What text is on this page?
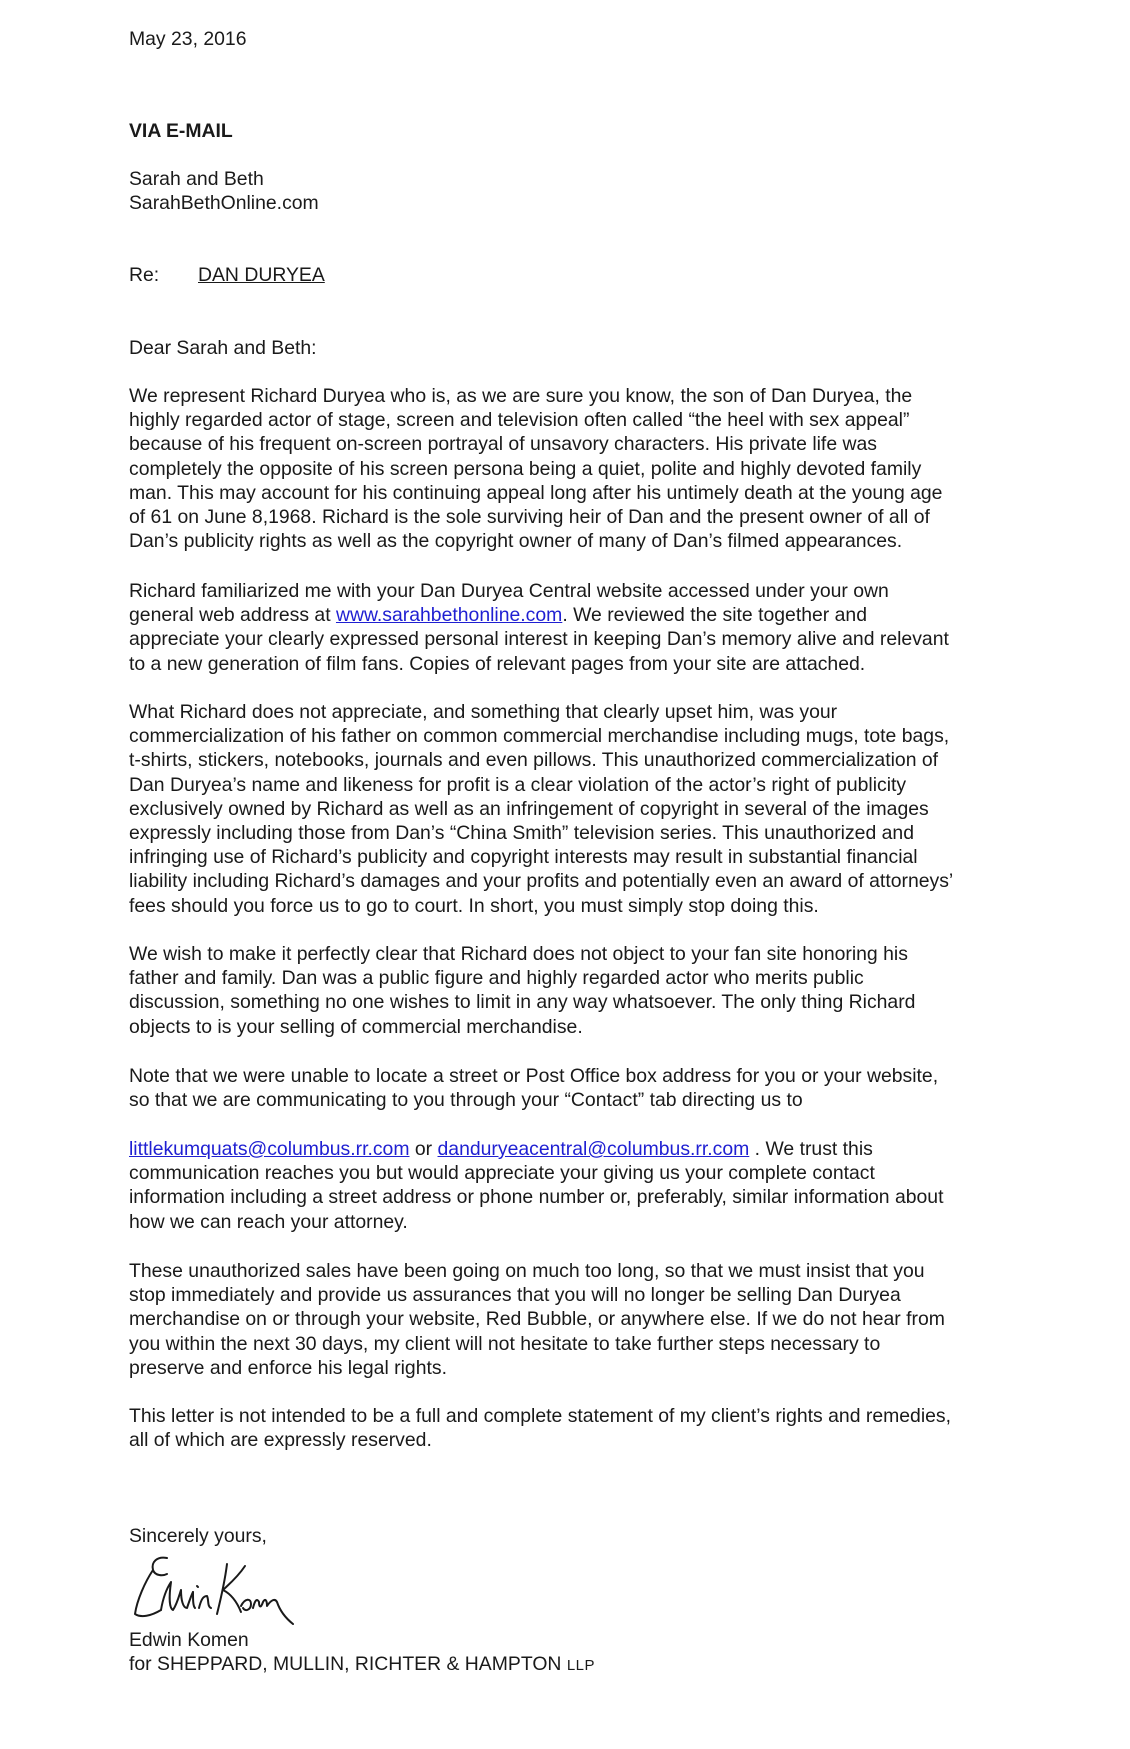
May 23, 2016
VIA E-MAIL
Sarah and Beth
SarahBethOnline.com
Re: DAN DURYEA
Dear Sarah and Beth:
We represent Richard Duryea who is, as we are sure you know, the son of Dan Duryea, the
highly regarded actor of stage, screen and television often called “the heel with sex appeal”
because of his frequent on-screen portrayal of unsavory characters. His private life was
completely the opposite of his screen persona being a quiet, polite and highly devoted family
man. This may account for his continuing appeal long after his untimely death at the young age
of 61 on June 8,1968. Richard is the sole surviving heir of Dan and the present owner of all of
Dan’s publicity rights as well as the copyright owner of many of Dan’s filmed appearances.
Richard familiarized me with your Dan Duryea Central website accessed under your own
general web address at www.sarahbethonline.com. We reviewed the site together and
appreciate your clearly expressed personal interest in keeping Dan’s memory alive and relevant
to a new generation of film fans. Copies of relevant pages from your site are attached.
What Richard does not appreciate, and something that clearly upset him, was your
commercialization of his father on common commercial merchandise including mugs, tote bags,
t-shirts, stickers, notebooks, journals and even pillows. This unauthorized commercialization of
Dan Duryea’s name and likeness for profit is a clear violation of the actor’s right of publicity
exclusively owned by Richard as well as an infringement of copyright in several of the images
expressly including those from Dan’s “China Smith” television series. This unauthorized and
infringing use of Richard’s publicity and copyright interests may result in substantial financial
liability including Richard’s damages and your profits and potentially even an award of attorneys’
fees should you force us to go to court. In short, you must simply stop doing this.
We wish to make it perfectly clear that Richard does not object to your fan site honoring his
father and family. Dan was a public figure and highly regarded actor who merits public
discussion, something no one wishes to limit in any way whatsoever. The only thing Richard
objects to is your selling of commercial merchandise.
Note that we were unable to locate a street or Post Office box address for you or your website,
so that we are communicating to you through your “Contact” tab directing us to
littlekumquats@columbus.rr.com or danduryeacentral@columbus.rr.com . We trust this
communication reaches you but would appreciate your giving us your complete contact
information including a street address or phone number or, preferably, similar information about
how we can reach your attorney.
These unauthorized sales have been going on much too long, so that we must insist that you
stop immediately and provide us assurances that you will no longer be selling Dan Duryea
merchandise on or through your website, Red Bubble, or anywhere else. If we do not hear from
you within the next 30 days, my client will not hesitate to take further steps necessary to
preserve and enforce his legal rights.
This letter is not intended to be a full and complete statement of my client’s rights and remedies,
all of which are expressly reserved.
Sincerely yours,
Edwin Komen
for SHEPPARD, MULLIN, RICHTER & HAMPTON LLP
